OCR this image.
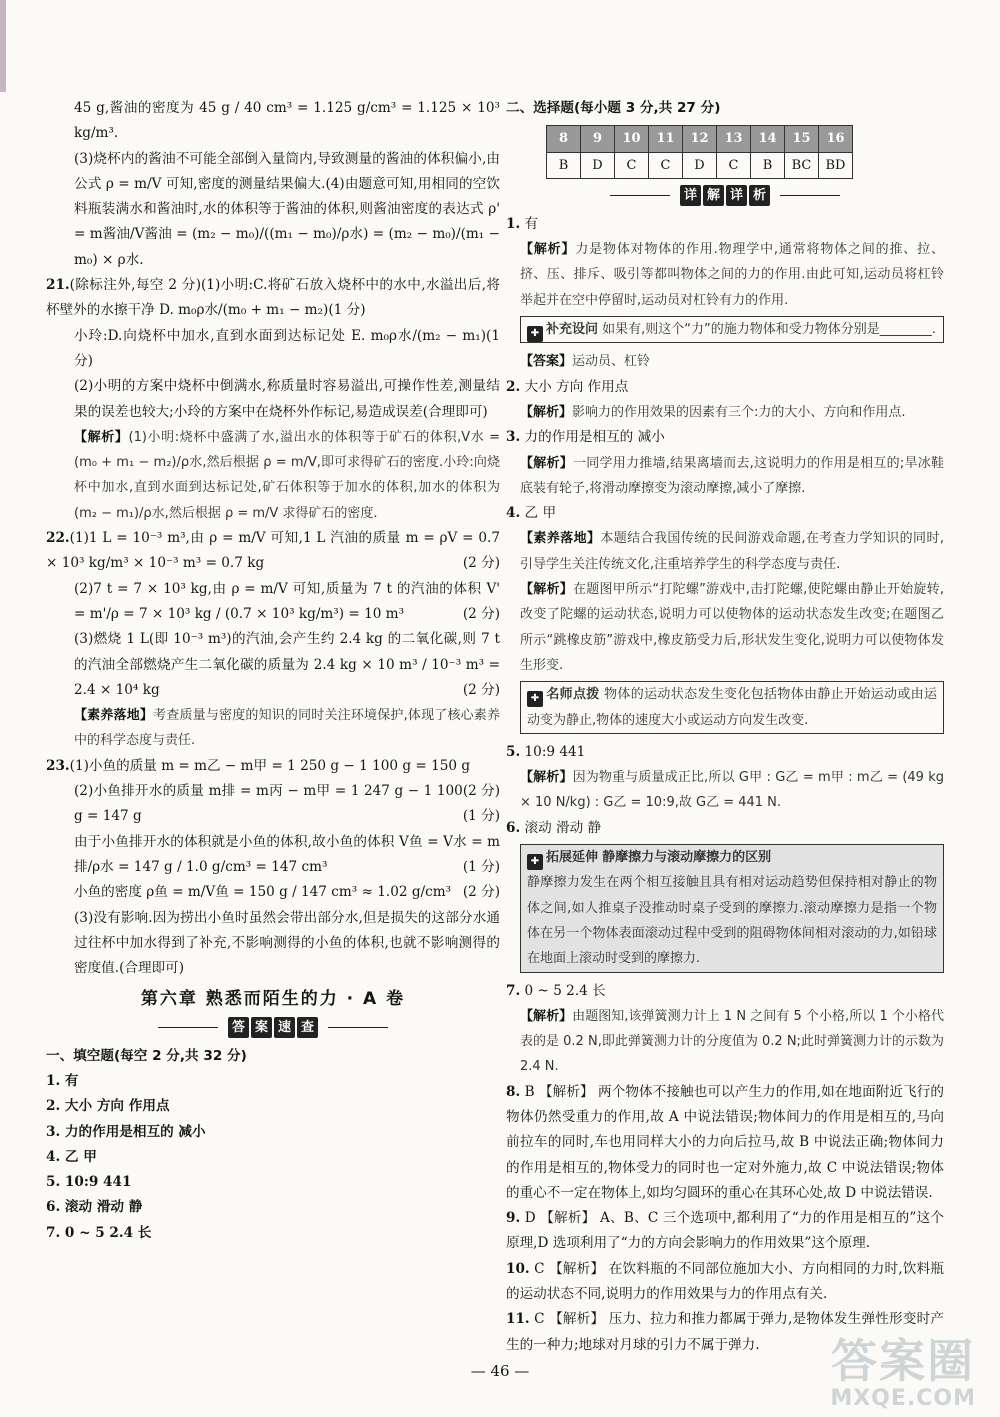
45 g,酱油的密度为 45 g / 40 cm³ = 1.125 g/cm³ = 1.125 × 10³ kg/m³.

(3)烧杯内的酱油不可能全部倒入量筒内,导致测量的酱油的体积偏小,由公式 ρ = m/V 可知,密度的测量结果偏大.(4)由题意可知,用相同的空饮料瓶装满水和酱油时,水的体积等于酱油的体积,则酱油密度的表达式 ρ' = m酱油/V酱油 = (m₂ − m₀)/((m₁ − m₀)/ρ水) = (m₂ − m₀)/(m₁ − m₀) × ρ水.

21.(除标注外,每空 2 分)(1)小明:C.将矿石放入烧杯中的水中,水溢出后,将杯壁外的水擦干净 D. m₀ρ水/(m₀ + m₁ − m₂)(1 分)

小玲:D.向烧杯中加水,直到水面到达标记处 E. m₀ρ水/(m₂ − m₁)(1 分)

(2)小明的方案中烧杯中倒满水,称质量时容易溢出,可操作性差,测量结果的误差也较大;小玲的方案中在烧杯外作标记,易造成误差(合理即可)

【解析】(1)小明:烧杯中盛满了水,溢出水的体积等于矿石的体积,V水 = (m₀ + m₁ − m₂)/ρ水,然后根据 ρ = m/V,即可求得矿石的密度.小玲:向烧杯中加水,直到水面到达标记处,矿石体积等于加水的体积,加水的体积为 (m₂ − m₁)/ρ水,然后根据 ρ = m/V 求得矿石的密度.

22.(1)1 L = 10⁻³ m³,由 ρ = m/V 可知,1 L 汽油的质量 m = ρV = 0.7 × 10³ kg/m³ × 10⁻³ m³ = 0.7 kg	(2 分)

(2)7 t = 7 × 10³ kg,由 ρ = m/V 可知,质量为 7 t 的汽油的体积 V' = m'/ρ = 7 × 10³ kg / (0.7 × 10³ kg/m³) = 10 m³	(2 分)

(3)燃烧 1 L(即 10⁻³ m³)的汽油,会产生约 2.4 kg 的二氧化碳,则 7 t 的汽油全部燃烧产生二氧化碳的质量为 2.4 kg × 10 m³ / 10⁻³ m³ = 2.4 × 10⁴ kg	(2 分)

【素养落地】考查质量与密度的知识的同时关注环境保护,体现了核心素养中的科学态度与责任.

23.(1)小鱼的质量 m = m乙 − m甲 = 1 250 g − 1 100 g = 150 g
(2 分)

(2)小鱼排开水的质量 m排 = m丙 − m甲 = 1 247 g − 1 100 g = 147 g	(1 分)

由于小鱼排开水的体积就是小鱼的体积,故小鱼的体积 V鱼 = V水 = m排/ρ水 = 147 g / 1.0 g/cm³ = 147 cm³	(1 分)

小鱼的密度 ρ鱼 = m/V鱼 = 150 g / 147 cm³ ≈ 1.02 g/cm³ (2 分)

(3)没有影响.因为捞出小鱼时虽然会带出部分水,但是损失的这部分水通过往杯中加水得到了补充,不影响测得的小鱼的体积,也就不影响测得的密度值.(合理即可)

第六章 熟悉而陌生的力 · A 卷
答 案 速 查
一、填空题(每空 2 分,共 32 分)

1. 有

2. 大小 方向 作用点

3. 力的作用是相互的 减小

4. 乙 甲

5. 10:9 441

6. 滚动 滑动 静

7. 0 ~ 5 2.4 长

二、选择题(每小题 3 分,共 27 分)
8	9	10	11	12	13	14	15	16
B	D	C	C	D	C	B	BC	BD
详 解 详 析

1. 有

【解析】力是物体对物体的作用.物理学中,通常将物体之间的推、拉、挤、压、排斥、吸引等都叫物体之间的力的作用.由此可知,运动员将杠铃举起并在空中停留时,运动员对杠铃有力的作用.

✚ 补充设问 如果有,则这个“力”的施力物体和受力物体分别是________.

【答案】运动员、杠铃

2. 大小 方向 作用点

【解析】影响力的作用效果的因素有三个:力的大小、方向和作用点.

3. 力的作用是相互的 减小

【解析】一同学用力推墙,结果离墙而去,这说明力的作用是相互的;旱冰鞋底装有轮子,将滑动摩擦变为滚动摩擦,减小了摩擦.

4. 乙 甲

【素养落地】本题结合我国传统的民间游戏命题,在考查力学知识的同时,引导学生关注传统文化,注重培养学生的科学态度与责任.

【解析】在题图甲所示“打陀螺”游戏中,击打陀螺,使陀螺由静止开始旋转,改变了陀螺的运动状态,说明力可以使物体的运动状态发生改变;在题图乙所示“跳橡皮筋”游戏中,橡皮筋受力后,形状发生变化,说明力可以使物体发生形变.

✚ 名师点拨 物体的运动状态发生变化包括物体由静止开始运动或由运动变为静止,物体的速度大小或运动方向发生改变.

5. 10:9 441

【解析】因为物重与质量成正比,所以 G甲 : G乙 = m甲 : m乙 = (49 kg × 10 N/kg) : G乙 = 10:9,故 G乙 = 441 N.

6. 滚动 滑动 静

✚ 拓展延伸 静摩擦力与滚动摩擦力的区别
静摩擦力发生在两个相互接触且具有相对运动趋势但保持相对静止的物体之间,如人推桌子没推动时桌子受到的摩擦力.滚动摩擦力是指一个物体在另一个物体表面滚动过程中受到的阻碍物体间相对滚动的力,如铅球在地面上滚动时受到的摩擦力.

7. 0 ~ 5 2.4 长

【解析】由题图知,该弹簧测力计上 1 N 之间有 5 个小格,所以 1 个小格代表的是 0.2 N,即此弹簧测力计的分度值为 0.2 N;此时弹簧测力计的示数为 2.4 N.

8. B 【解析】 两个物体不接触也可以产生力的作用,如在地面附近飞行的物体仍然受重力的作用,故 A 中说法错误;物体间力的作用是相互的,马向前拉车的同时,车也用同样大小的力向后拉马,故 B 中说法正确;物体间力的作用是相互的,物体受力的同时也一定对外施力,故 C 中说法错误;物体的重心不一定在物体上,如均匀圆环的重心在其环心处,故 D 中说法错误.

9. D 【解析】 A、B、C 三个选项中,都利用了“力的作用是相互的”这个原理,D 选项利用了“力的方向会影响力的作用效果”这个原理.

10. C 【解析】 在饮料瓶的不同部位施加大小、方向相同的力时,饮料瓶的运动状态不同,说明力的作用效果与力的作用点有关.

11. C 【解析】 压力、拉力和推力都属于弹力,是物体发生弹性形变时产生的一种力;地球对月球的引力不属于弹力.

— 46 —	答案圈
MXQE.COM
